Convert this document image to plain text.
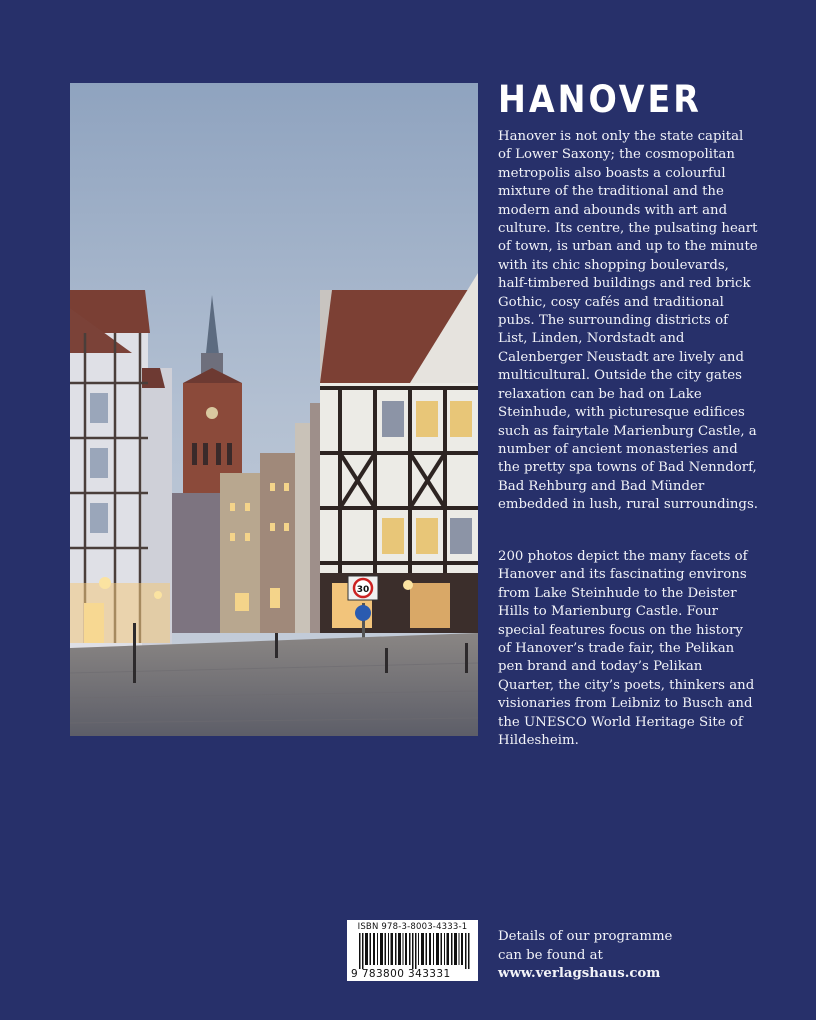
30
HANOVER

Hanover is not only the state capital of Lower Saxony; the cosmopolitan metropolis also boasts a colourful mixture of the traditional and the modern and abounds with art and culture. Its centre, the pulsating heart of town, is urban and up to the minute with its chic shopping boulevards, half-timbered buildings and red brick Gothic, cosy cafés and traditional pubs. The surrounding districts of List, Linden, Nordstadt and Calenberger Neustadt are lively and multicultural. Outside the city gates relaxation can be had on Lake Steinhude, with picturesque edifices such as fairytale Marienburg Castle, a number of ancient monasteries and the pretty spa towns of Bad Nenndorf, Bad Rehburg and Bad Münder embedded in lush, rural surroundings.

200 photos depict the many facets of Hanover and its fascinating environs from Lake Steinhude to the Deister Hills to Marienburg Castle. Four special features focus on the history of Hanover’s trade fair, the Pelikan pen brand and today’s Pelikan Quarter, the city’s poets, thinkers and visionaries from Leibniz to Busch and the UNESCO World Heritage Site of Hildesheim.

ISBN 978-3-8003-4333-1
9 783800 343331
Details of our programme
can be found at
www.verlagshaus.com
